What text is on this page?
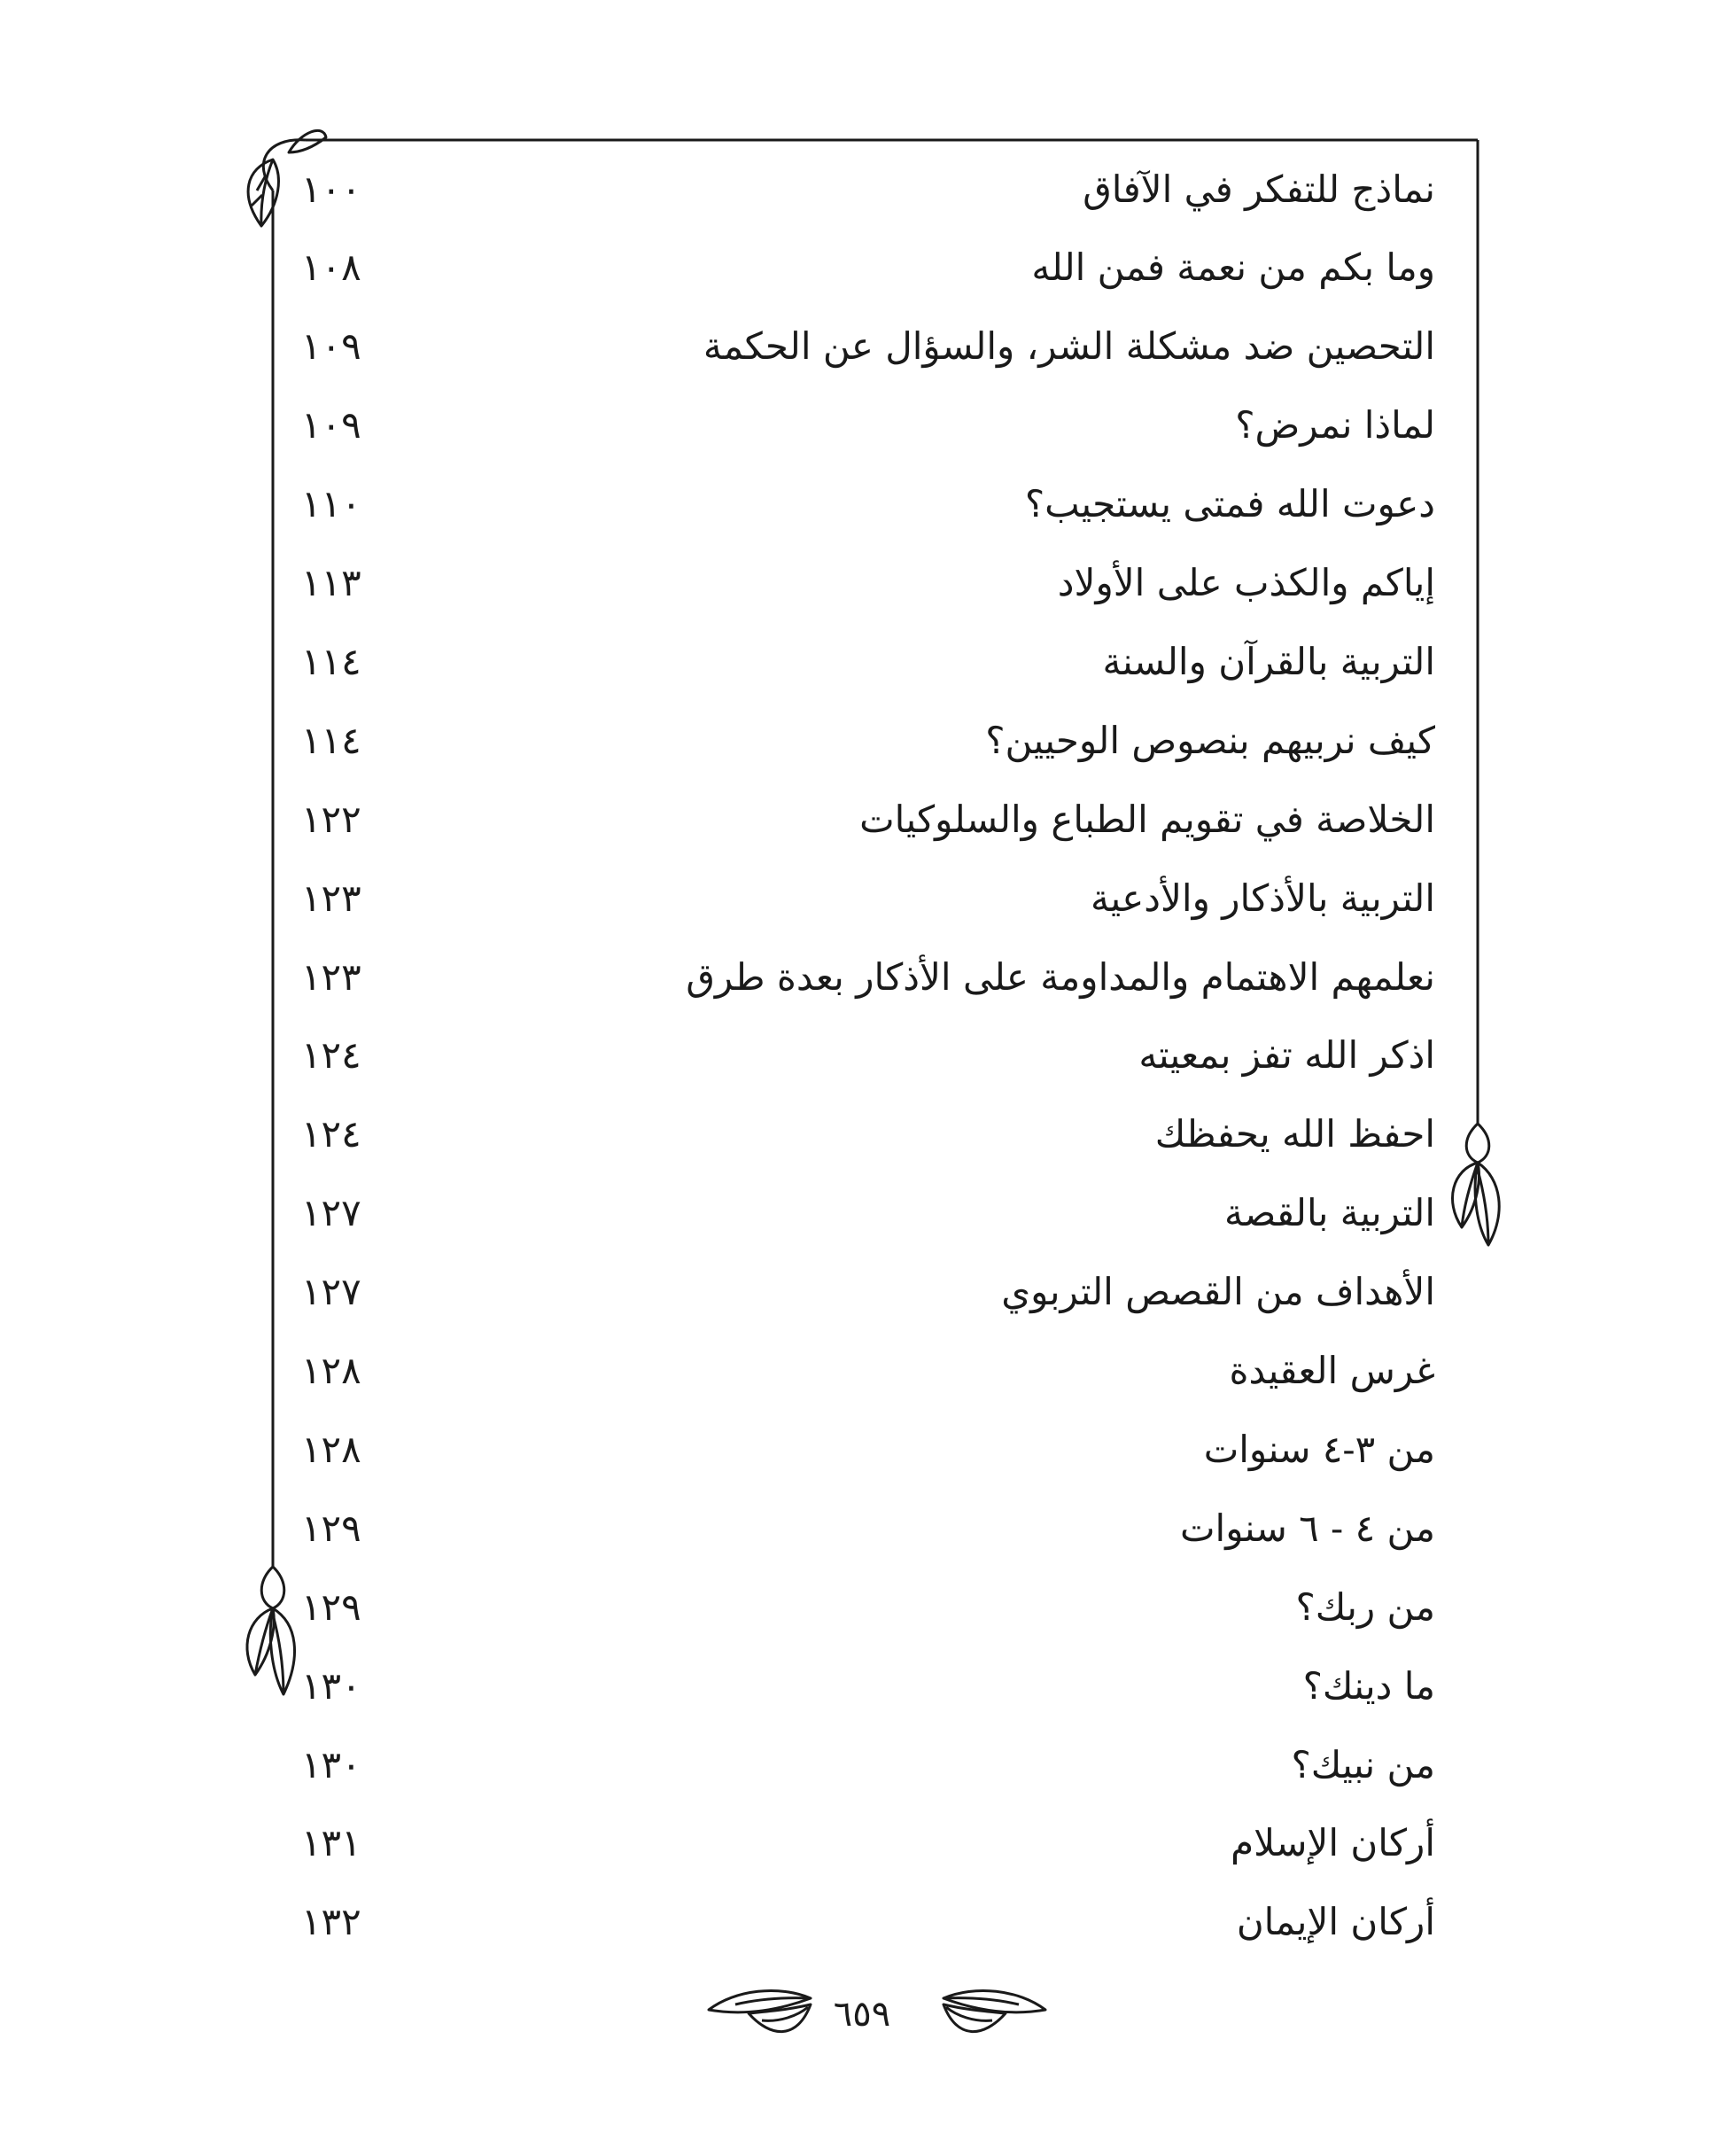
١٠٠	نماذج للتفكر في الآفاق
١٠٨	وما بكم من نعمة فمن الله
١٠٩	التحصين ضد مشكلة الشر، والسؤال عن الحكمة
١٠٩	لماذا نمرض؟
١١٠	دعوت الله فمتى يستجيب؟
١١٣	إياكم والكذب على الأولاد
١١٤	التربية بالقرآن والسنة
١١٤	كيف نربيهم بنصوص الوحيين؟
١٢٢	الخلاصة في تقويم الطباع والسلوكيات
١٢٣	التربية بالأذكار والأدعية
١٢٣	نعلمهم الاهتمام والمداومة على الأذكار بعدة طرق
١٢٤	اذكر الله تفز بمعيته
١٢٤	احفظ الله يحفظك
١٢٧	التربية بالقصة
١٢٧	الأهداف من القصص التربوي
١٢٨	غرس العقيدة
١٢٨	من ٣-٤ سنوات
١٢٩	من ٤ - ٦ سنوات
١٢٩	من ربك؟
١٣٠	ما دينك؟
١٣٠	من نبيك؟
١٣١	أركان الإسلام
١٣٢	أركان الإيمان
٦٥٩
